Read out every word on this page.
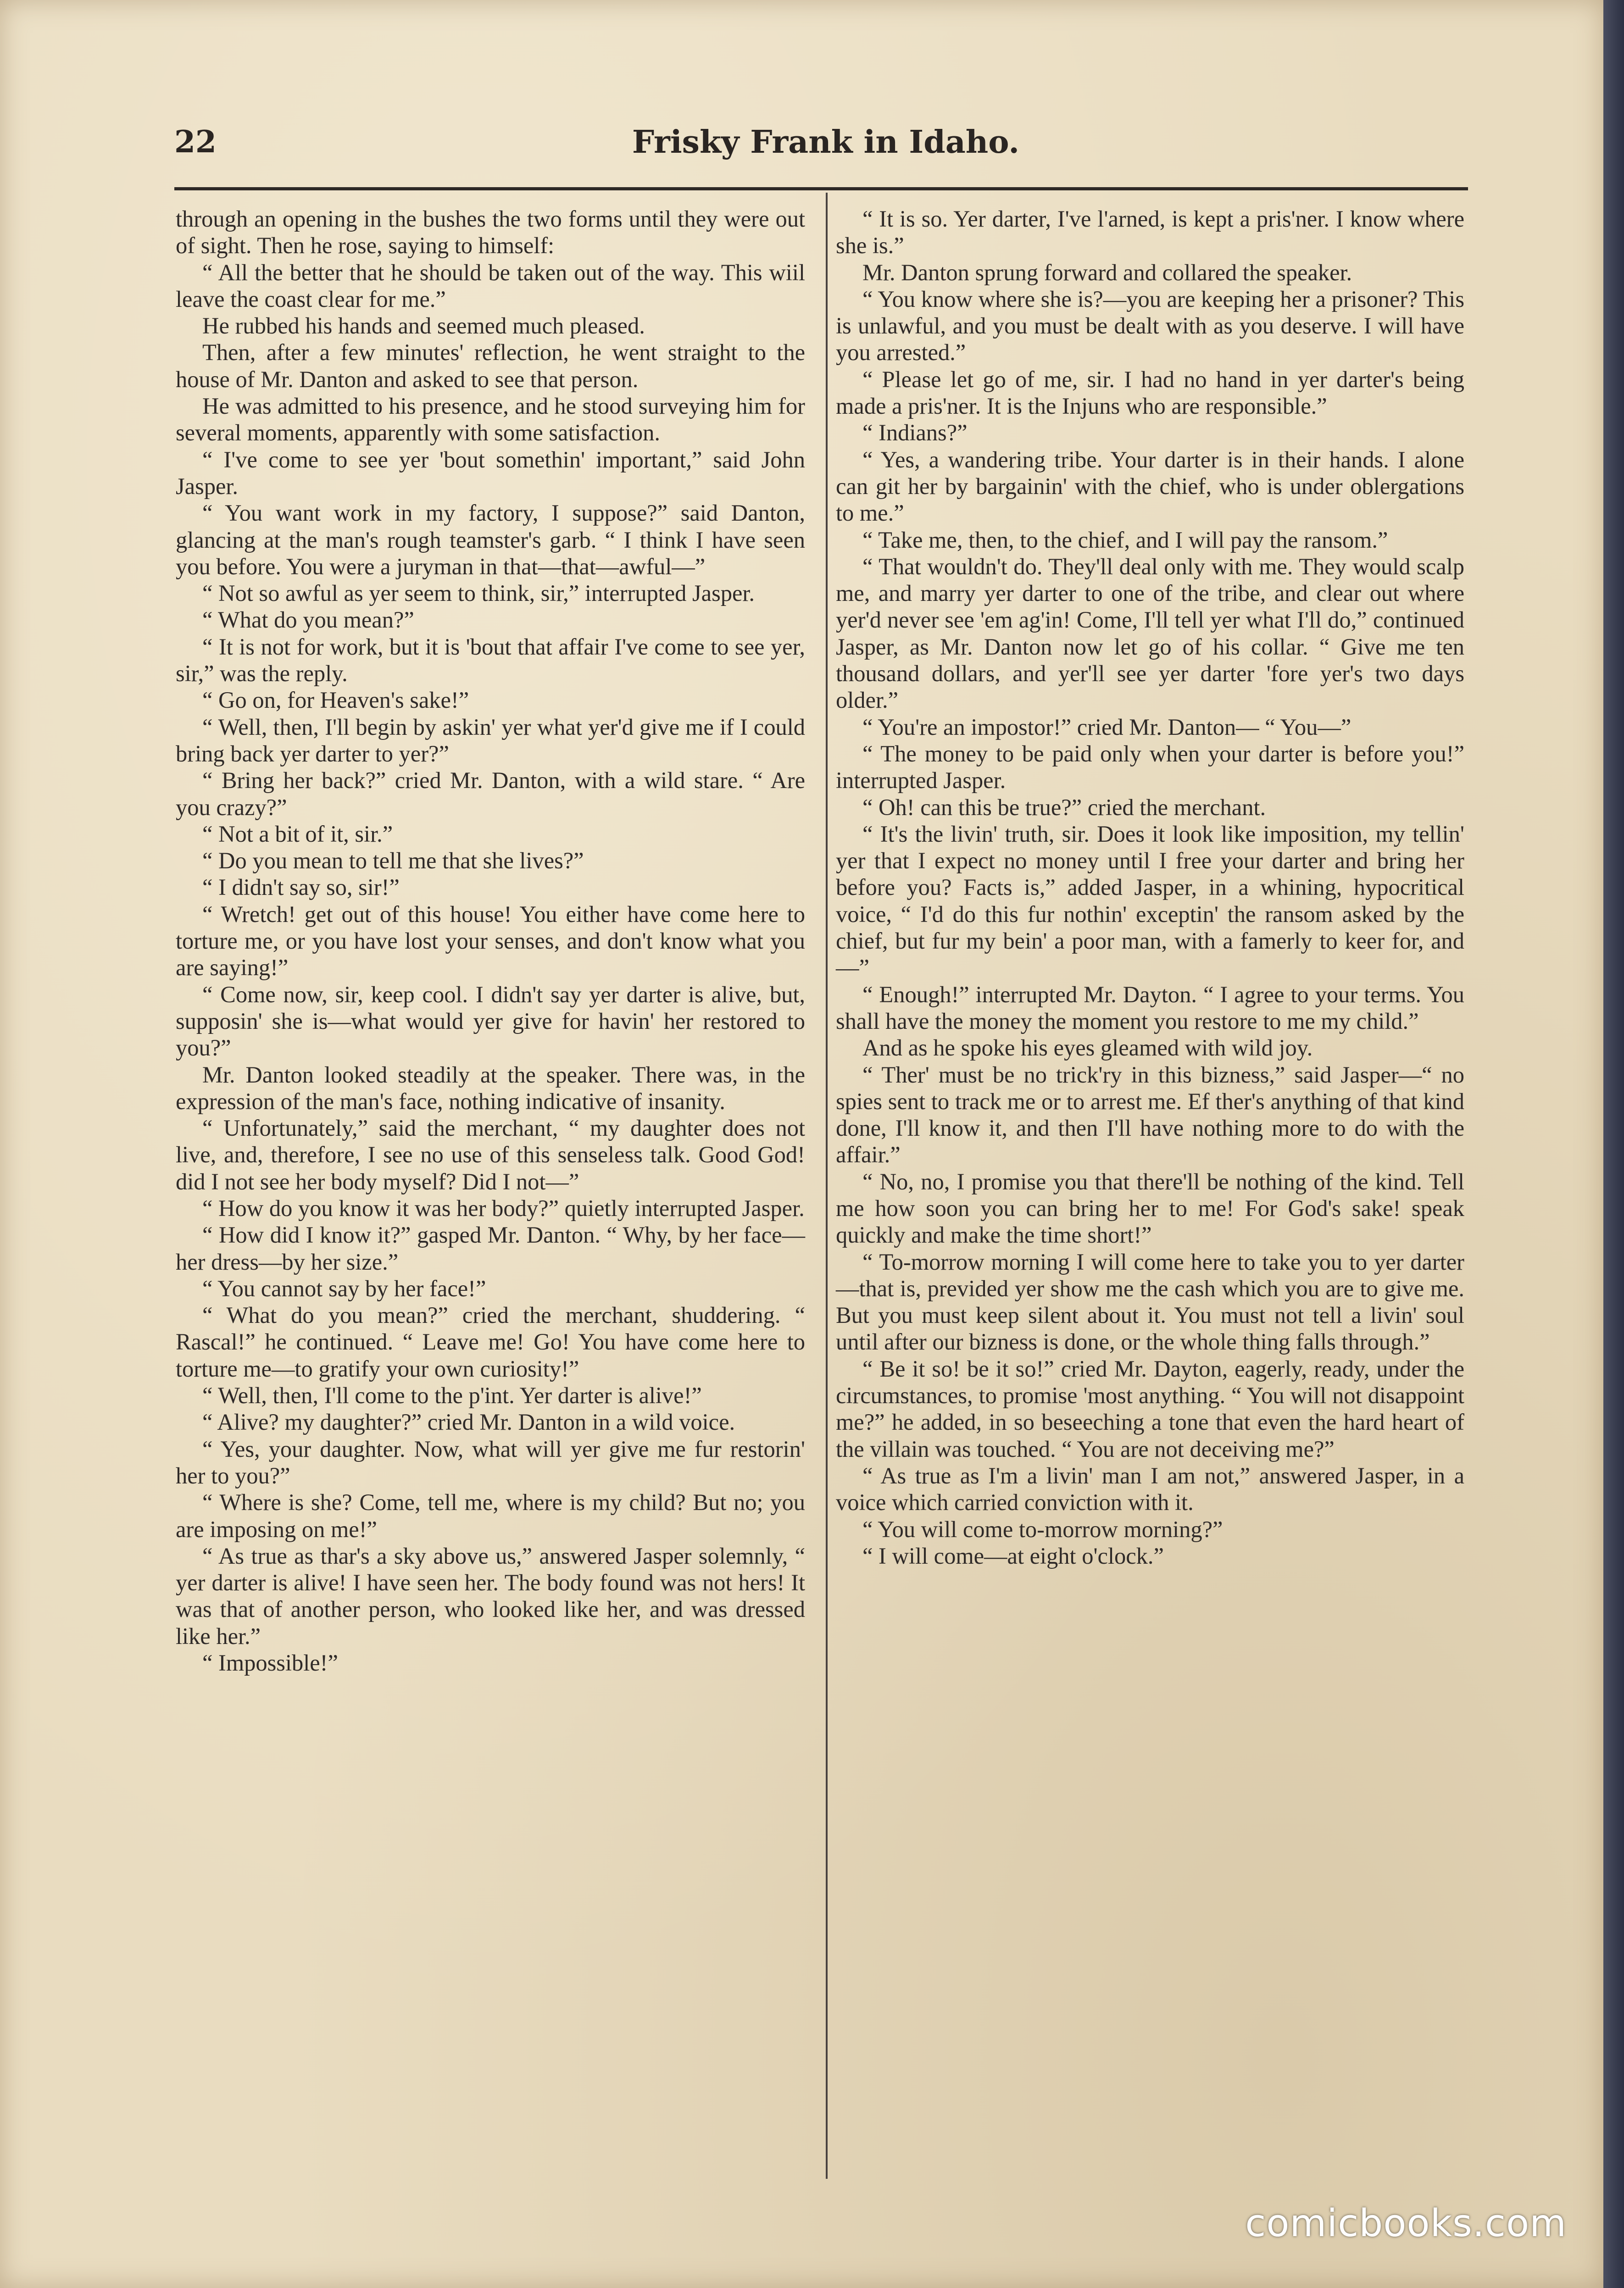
22	Frisky Frank in Idaho.

through an opening in the bushes the two forms until they were out of sight. Then he rose, saying to himself:

“ All the better that he should be taken out of the way. This wiil leave the coast clear for me.”

He rubbed his hands and seemed much pleased.

Then, after a few minutes' reflection, he went straight to the house of Mr. Danton and asked to see that person.

He was admitted to his presence, and he stood surveying him for several moments, apparently with some satisfaction.

“ I've come to see yer 'bout somethin' important,” said John Jasper.

“ You want work in my factory, I suppose?” said Danton, glancing at the man's rough teamster's garb. “ I think I have seen you before. You were a juryman in that—that—awful—”

“ Not so awful as yer seem to think, sir,” interrupted Jasper.

“ What do you mean?”

“ It is not for work, but it is 'bout that affair I've come to see yer, sir,” was the reply.

“ Go on, for Heaven's sake!”

“ Well, then, I'll begin by askin' yer what yer'd give me if I could bring back yer darter to yer?”

“ Bring her back?” cried Mr. Danton, with a wild stare. “ Are you crazy?”

“ Not a bit of it, sir.”

“ Do you mean to tell me that she lives?”

“ I didn't say so, sir!”

“ Wretch! get out of this house! You either have come here to torture me, or you have lost your senses, and don't know what you are saying!”

“ Come now, sir, keep cool. I didn't say yer darter is alive, but, supposin' she is—what would yer give for havin' her restored to you?”

Mr. Danton looked steadily at the speaker. There was, in the expression of the man's face, nothing indicative of insanity.

“ Unfortunately,” said the merchant, “ my daughter does not live, and, therefore, I see no use of this senseless talk. Good God! did I not see her body myself? Did I not—”

“ How do you know it was her body?” quietly interrupted Jasper.

“ How did I know it?” gasped Mr. Danton. “ Why, by her face—her dress—by her size.”

“ You cannot say by her face!”

“ What do you mean?” cried the merchant, shuddering. “ Rascal!” he continued. “ Leave me! Go! You have come here to torture me—to gratify your own curiosity!”

“ Well, then, I'll come to the p'int. Yer darter is alive!”

“ Alive? my daughter?” cried Mr. Danton in a wild voice.

“ Yes, your daughter. Now, what will yer give me fur restorin' her to you?”

“ Where is she? Come, tell me, where is my child? But no; you are imposing on me!”

“ As true as thar's a sky above us,” answered Jasper solemnly, “ yer darter is alive! I have seen her. The body found was not hers! It was that of another person, who looked like her, and was dressed like her.”

“ Impossible!”

“ It is so. Yer darter, I've l'arned, is kept a pris'ner. I know where she is.”

Mr. Danton sprung forward and collared the speaker.

“ You know where she is?—you are keeping her a prisoner? This is unlawful, and you must be dealt with as you deserve. I will have you arrested.”

“ Please let go of me, sir. I had no hand in yer darter's being made a pris'ner. It is the Injuns who are responsible.”

“ Indians?”

“ Yes, a wandering tribe. Your darter is in their hands. I alone can git her by bargainin' with the chief, who is under oblergations to me.”

“ Take me, then, to the chief, and I will pay the ransom.”

“ That wouldn't do. They'll deal only with me. They would scalp me, and marry yer darter to one of the tribe, and clear out where yer'd never see 'em ag'in! Come, I'll tell yer what I'll do,” continued Jasper, as Mr. Danton now let go of his collar. “ Give me ten thousand dollars, and yer'll see yer darter 'fore yer's two days older.”

“ You're an impostor!” cried Mr. Danton— “ You—”

“ The money to be paid only when your darter is before you!” interrupted Jasper.

“ Oh! can this be true?” cried the merchant.

“ It's the livin' truth, sir. Does it look like imposition, my tellin' yer that I expect no money until I free your darter and bring her before you? Facts is,” added Jasper, in a whining, hypocritical voice, “ I'd do this fur nothin' exceptin' the ransom asked by the chief, but fur my bein' a poor man, with a famerly to keer for, and—”

“ Enough!” interrupted Mr. Dayton. “ I agree to your terms. You shall have the money the moment you restore to me my child.”

And as he spoke his eyes gleamed with wild joy.

“ Ther' must be no trick'ry in this bizness,” said Jasper—“ no spies sent to track me or to arrest me. Ef ther's anything of that kind done, I'll know it, and then I'll have nothing more to do with the affair.”

“ No, no, I promise you that there'll be nothing of the kind. Tell me how soon you can bring her to me! For God's sake! speak quickly and make the time short!”

“ To-morrow morning I will come here to take you to yer darter—that is, previded yer show me the cash which you are to give me. But you must keep silent about it. You must not tell a livin' soul until after our bizness is done, or the whole thing falls through.”

“ Be it so! be it so!” cried Mr. Dayton, eagerly, ready, under the circumstances, to promise 'most anything. “ You will not disappoint me?” he added, in so beseeching a tone that even the hard heart of the villain was touched. “ You are not deceiving me?”

“ As true as I'm a livin' man I am not,” answered Jasper, in a voice which carried conviction with it.

“ You will come to-morrow morning?”

“ I will come—at eight o'clock.”

comicbooks.com
